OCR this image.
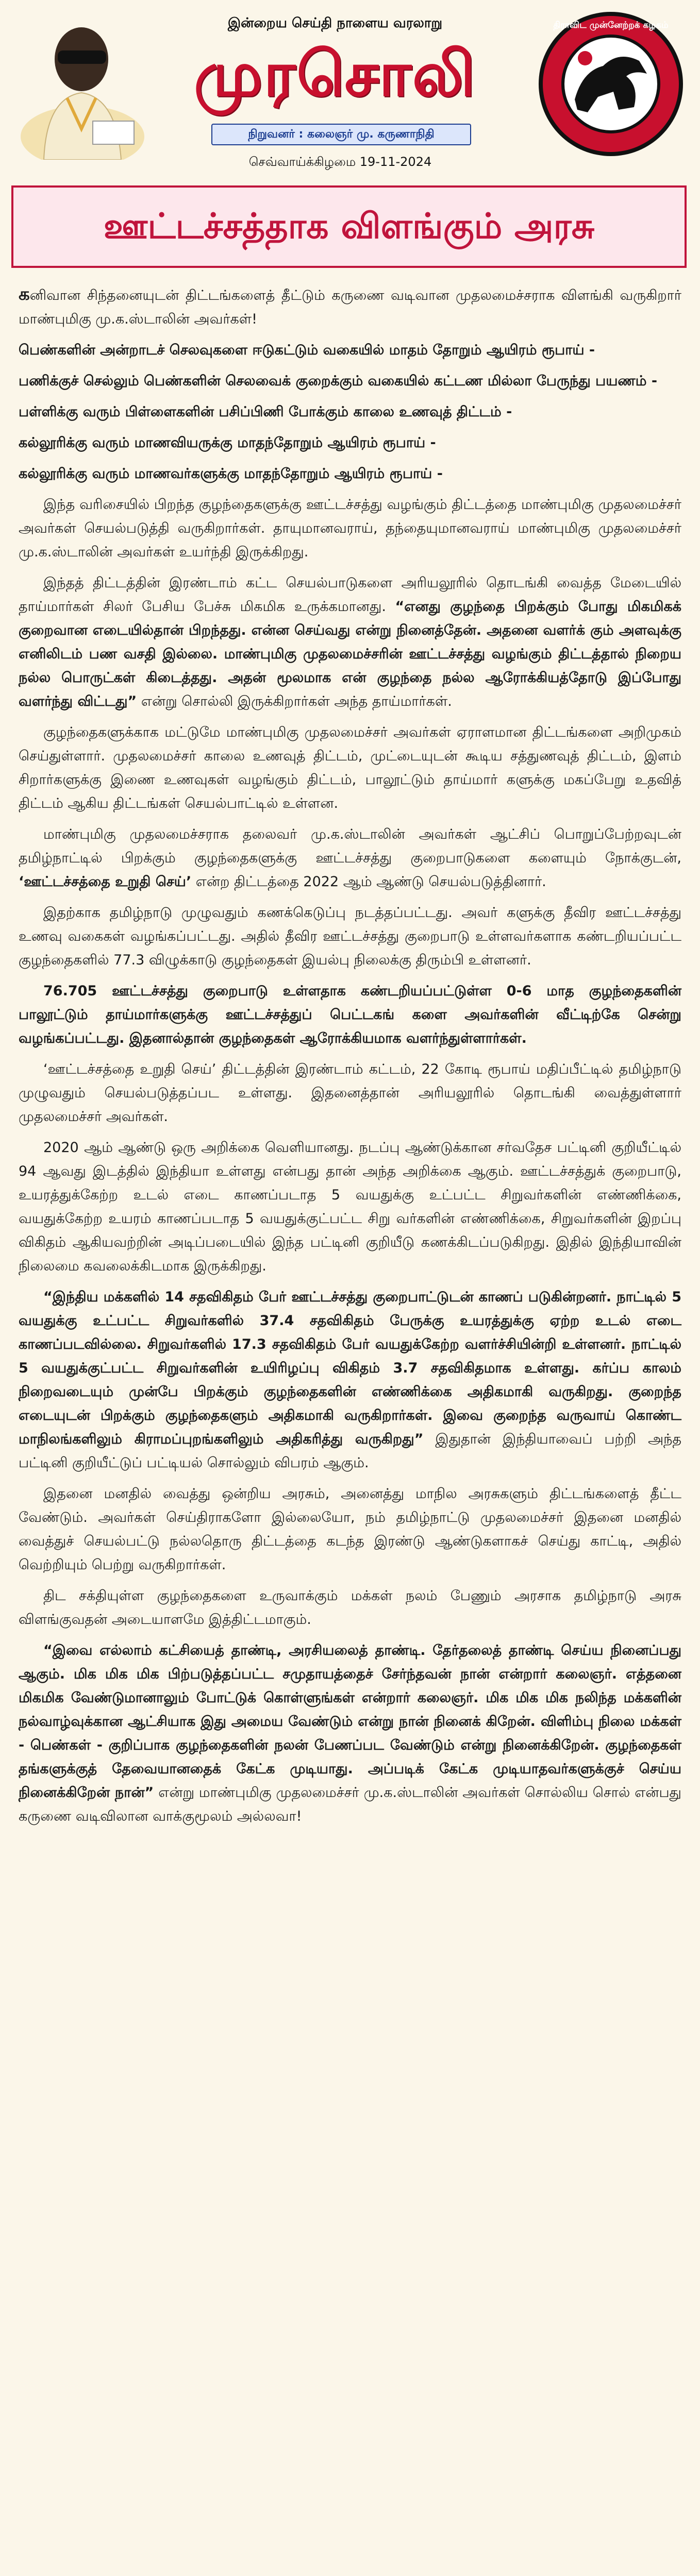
இன்றைய செய்தி நாளைய வரலாறு
முரசொலி
நிறுவனர் : கலைஞர் மு. கருணாநிதி
திராவிட முன்னேற்றக் கழகம்
செவ்வாய்க்கிழமை 19-11-2024
ஊட்டச்சத்தாக விளங்கும் அரசு

கனிவான சிந்தனையுடன் திட்டங்களைத் தீட்டும் கருணை வடிவான முதலமைச்சராக விளங்கி வருகிறார் மாண்புமிகு மு.க.ஸ்டாலின் அவர்கள்!

பெண்களின் அன்றாடச் செலவுகளை ஈடுகட்டும் வகையில் மாதம் தோறும் ஆயிரம் ரூபாய் -

பணிக்குச் செல்லும் பெண்களின் செலவைக் குறைக்கும் வகையில் கட்டண மில்லா பேருந்து பயணம் -

பள்ளிக்கு வரும் பிள்ளைகளின் பசிப்பிணி போக்கும் காலை உணவுத் திட்டம் -

கல்லூரிக்கு வரும் மாணவியருக்கு மாதந்தோறும் ஆயிரம் ரூபாய் -

கல்லூரிக்கு வரும் மாணவர்களுக்கு மாதந்தோறும் ஆயிரம் ரூபாய் -

இந்த வரிசையில் பிறந்த குழந்தைகளுக்கு ஊட்டச்சத்து வழங்கும் திட்டத்தை மாண்புமிகு முதலமைச்சர் அவர்கள் செயல்படுத்தி வருகிறார்கள். தாயுமானவராய், தந்தையுமானவராய் மாண்புமிகு முதலமைச்சர் மு.க.ஸ்டாலின் அவர்கள் உயர்ந்தி இருக்கிறது.

இந்தத் திட்டத்தின் இரண்டாம் கட்ட செயல்பாடுகளை அரியலூரில் தொடங்கி வைத்த மேடையில் தாய்மார்கள் சிலர் பேசிய பேச்சு மிகமிக உருக்கமானது. “எனது குழந்தை பிறக்கும் போது மிகமிகக் குறைவான எடையில்தான் பிறந்தது. என்ன செய்வது என்று நினைத்தேன். அதனை வளர்க் கும் அளவுக்கு எனிலிடம் பண வசதி இல்லை. மாண்புமிகு முதலமைச்சரின் ஊட்டச்சத்து வழங்கும் திட்டத்தால் நிறைய நல்ல பொருட்கள் கிடைத்தது. அதன் மூலமாக என் குழந்தை நல்ல ஆரோக்கியத்தோடு இப்போது வளர்ந்து விட்டது” என்று சொல்லி இருக்கிறார்கள் அந்த தாய்மார்கள்.

குழந்தைகளுக்காக மட்டுமே மாண்புமிகு முதலமைச்சர் அவர்கள் ஏராளமான திட்டங்களை அறிமுகம் செய்துள்ளார். முதலமைச்சர் காலை உணவுத் திட்டம், முட்டையுடன் கூடிய சத்துணவுத் திட்டம், இளம் சிறார்களுக்கு இணை உணவுகள் வழங்கும் திட்டம், பாலூட்டும் தாய்மார் களுக்கு மகப்பேறு உதவித் திட்டம் ஆகிய திட்டங்கள் செயல்பாட்டில் உள்ளன.

மாண்புமிகு முதலமைச்சராக தலைவர் மு.க.ஸ்டாலின் அவர்கள் ஆட்சிப் பொறுப்பேற்றவுடன் தமிழ்நாட்டில் பிறக்கும் குழந்தைகளுக்கு ஊட்டச்சத்து குறைபாடுகளை களையும் நோக்குடன், ‘ஊட்டச்சத்தை உறுதி செய்’ என்ற திட்டத்தை 2022 ஆம் ஆண்டு செயல்படுத்தினார்.

இதற்காக தமிழ்நாடு முழுவதும் கணக்கெடுப்பு நடத்தப்பட்டது. அவர் களுக்கு தீவிர ஊட்டச்சத்து உணவு வகைகள் வழங்கப்பட்டது. அதில் தீவிர ஊட்டச்சத்து குறைபாடு உள்ளவர்களாக கண்டறியப்பட்ட குழந்தைகளில் 77.3 விழுக்காடு குழந்தைகள் இயல்பு நிலைக்கு திரும்பி உள்ளனர்.

76.705 ஊட்டச்சத்து குறைபாடு உள்ளதாக கண்டறியப்பட்டுள்ள 0-6 மாத குழந்தைகளின் பாலூட்டும் தாய்மார்களுக்கு ஊட்டச்சத்துப் பெட்டகங் களை அவர்களின் வீட்டிற்கே சென்று வழங்கப்பட்டது. இதனால்தான் குழந்தைகள் ஆரோக்கியமாக வளர்ந்துள்ளார்கள்.

‘ஊட்டச்சத்தை உறுதி செய்’ திட்டத்தின் இரண்டாம் கட்டம், 22 கோடி ரூபாய் மதிப்பீட்டில் தமிழ்நாடு முழுவதும் செயல்படுத்தப்பட உள்ளது. இதனைத்தான் அரியலூரில் தொடங்கி வைத்துள்ளார் முதலமைச்சர் அவர்கள்.

2020 ஆம் ஆண்டு ஒரு அறிக்கை வெளியானது. நடப்பு ஆண்டுக்கான சர்வதேச பட்டினி குறியீட்டில் 94 ஆவது இடத்தில் இந்தியா உள்ளது என்பது தான் அந்த அறிக்கை ஆகும். ஊட்டச்சத்துக் குறைபாடு, உயரத்துக்கேற்ற உடல் எடை காணப்படாத 5 வயதுக்கு உட்பட்ட சிறுவர்களின் எண்ணிக்கை, வயதுக்கேற்ற உயரம் காணப்படாத 5 வயதுக்குட்பட்ட சிறு வர்களின் எண்ணிக்கை, சிறுவர்களின் இறப்பு விகிதம் ஆகியவற்றின் அடிப்படையில் இந்த பட்டினி குறியீடு கணக்கிடப்படுகிறது. இதில் இந்தியாவின் நிலைமை கவலைக்கிடமாக இருக்கிறது.

“இந்திய மக்களில் 14 சதவிகிதம் பேர் ஊட்டச்சத்து குறைபாட்டுடன் காணப் படுகின்றனர். நாட்டில் 5 வயதுக்கு உட்பட்ட சிறுவர்களில் 37.4 சதவிகிதம் பேருக்கு உயரத்துக்கு ஏற்ற உடல் எடை காணப்படவில்லை. சிறுவர்களில் 17.3 சதவிகிதம் பேர் வயதுக்கேற்ற வளர்ச்சியின்றி உள்ளனர். நாட்டில் 5 வயதுக்குட்பட்ட சிறுவர்களின் உயிரிழப்பு விகிதம் 3.7 சதவிகிதமாக உள்ளது. கர்ப்ப காலம் நிறைவடையும் முன்பே பிறக்கும் குழந்தைகளின் எண்ணிக்கை அதிகமாகி வருகிறது. குறைந்த எடையுடன் பிறக்கும் குழந்தைகளும் அதிகமாகி வருகிறார்கள். இவை குறைந்த வருவாய் கொண்ட மாநிலங்களிலும் கிராமப்புறங்களிலும் அதிகரித்து வருகிறது” இதுதான் இந்தியாவைப் பற்றி அந்த பட்டினி குறியீட்டுப் பட்டியல் சொல்லும் விபரம் ஆகும்.

இதனை மனதில் வைத்து ஒன்றிய அரசும், அனைத்து மாநில அரசுகளும் திட்டங்களைத் தீட்ட வேண்டும். அவர்கள் செய்திராகளோ இல்லையோ, நம் தமிழ்நாட்டு முதலமைச்சர் இதனை மனதில் வைத்துச் செயல்பட்டு நல்லதொரு திட்டத்தை கடந்த இரண்டு ஆண்டுகளாகச் செய்து காட்டி, அதில் வெற்றியும் பெற்று வருகிறார்கள்.

திட சக்தியுள்ள குழந்தைகளை உருவாக்கும் மக்கள் நலம் பேணும் அரசாக தமிழ்நாடு அரசு விளங்குவதன் அடையாளமே இத்திட்டமாகும்.

“இவை எல்லாம் கட்சியைத் தாண்டி, அரசியலைத் தாண்டி. தேர்தலைத் தாண்டி செய்ய நினைப்பது ஆகும். மிக மிக மிக பிற்படுத்தப்பட்ட சமுதாயத்தைச் சேர்ந்தவன் நான் என்றார் கலைஞர். எத்தனை மிகமிக வேண்டுமானாலும் போட்டுக் கொள்ளுங்கள் என்றார் கலைஞர். மிக மிக மிக நலிந்த மக்களின் நல்வாழ்வுக்கான ஆட்சியாக இது அமைய வேண்டும் என்று நான் நினைக் கிறேன். விளிம்பு நிலை மக்கள் - பெண்கள் - குறிப்பாக குழந்தைகளின் நலன் பேணப்பட வேண்டும் என்று நினைக்கிறேன். குழந்தைகள் தங்களுக்குத் தேவையானதைக் கேட்க முடியாது. அப்படிக் கேட்க முடியாதவர்களுக்குச் செய்ய நினைக்கிறேன் நான்” என்று மாண்புமிகு முதலமைச்சர் மு.க.ஸ்டாலின் அவர்கள் சொல்லிய சொல் என்பது கருணை வடிவிலான வாக்குமூலம் அல்லவா!
